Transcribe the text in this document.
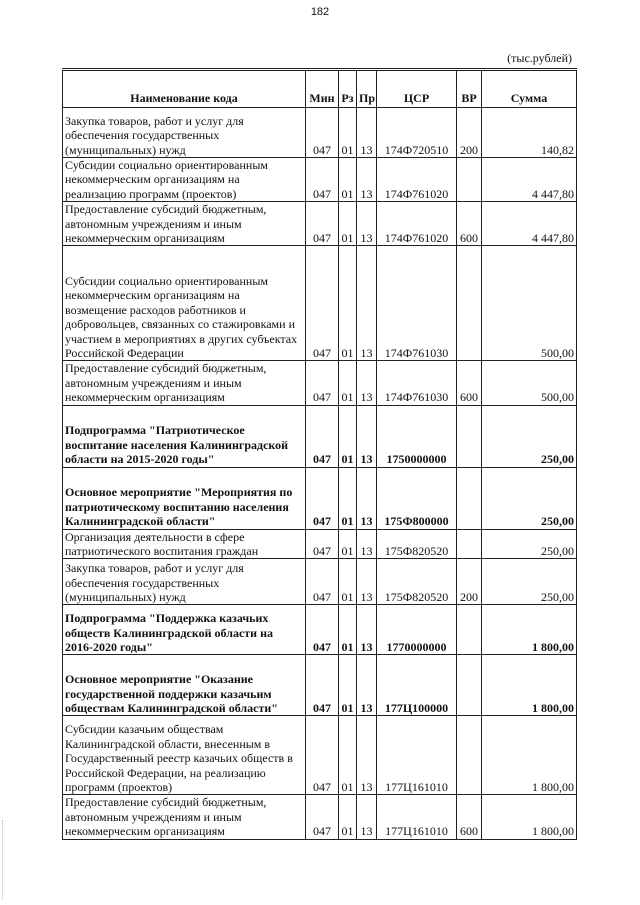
182
(тыс.рублей)
Наименование кода	Мин	Рз	Пр	ЦСР	ВР	Сумма
Закупка товаров, работ и услуг для обеспечения государственных (муниципальных) нужд	047	01	13	174Ф720510	200	140,82
Субсидии социально ориентированным некоммерческим организациям на реализацию программ (проектов)	047	01	13	174Ф761020		4 447,80
Предоставление субсидий бюджетным, автономным учреждениям и иным некоммерческим организациям	047	01	13	174Ф761020	600	4 447,80
Субсидии социально ориентированным некоммерческим организациям на возмещение расходов работников и добровольцев, связанных со стажировками и участием в мероприятиях в других субъектах Российской Федерации	047	01	13	174Ф761030		500,00
Предоставление субсидий бюджетным, автономным учреждениям и иным некоммерческим организациям	047	01	13	174Ф761030	600	500,00
Подпрограмма "Патриотическое воспитание населения Калининградской области на 2015-2020 годы"	047	01	13	1750000000		250,00
Основное мероприятие "Мероприятия по патриотическому воспитанию населения Калининградской области"	047	01	13	175Ф800000		250,00
Организация деятельности в сфере патриотического воспитания граждан	047	01	13	175Ф820520		250,00
Закупка товаров, работ и услуг для обеспечения государственных (муниципальных) нужд	047	01	13	175Ф820520	200	250,00
Подпрограмма "Поддержка казачьих обществ Калининградской области на 2016-2020 годы"	047	01	13	1770000000		1 800,00
Основное мероприятие "Оказание государственной поддержки казачьим обществам Калининградской области"	047	01	13	177Ц100000		1 800,00
Субсидии казачьим обществам Калининградской области, внесенным в Государственный реестр казачьих обществ в Российской Федерации, на реализацию программ (проектов)	047	01	13	177Ц161010		1 800,00
Предоставление субсидий бюджетным, автономным учреждениям и иным некоммерческим организациям	047	01	13	177Ц161010	600	1 800,00
